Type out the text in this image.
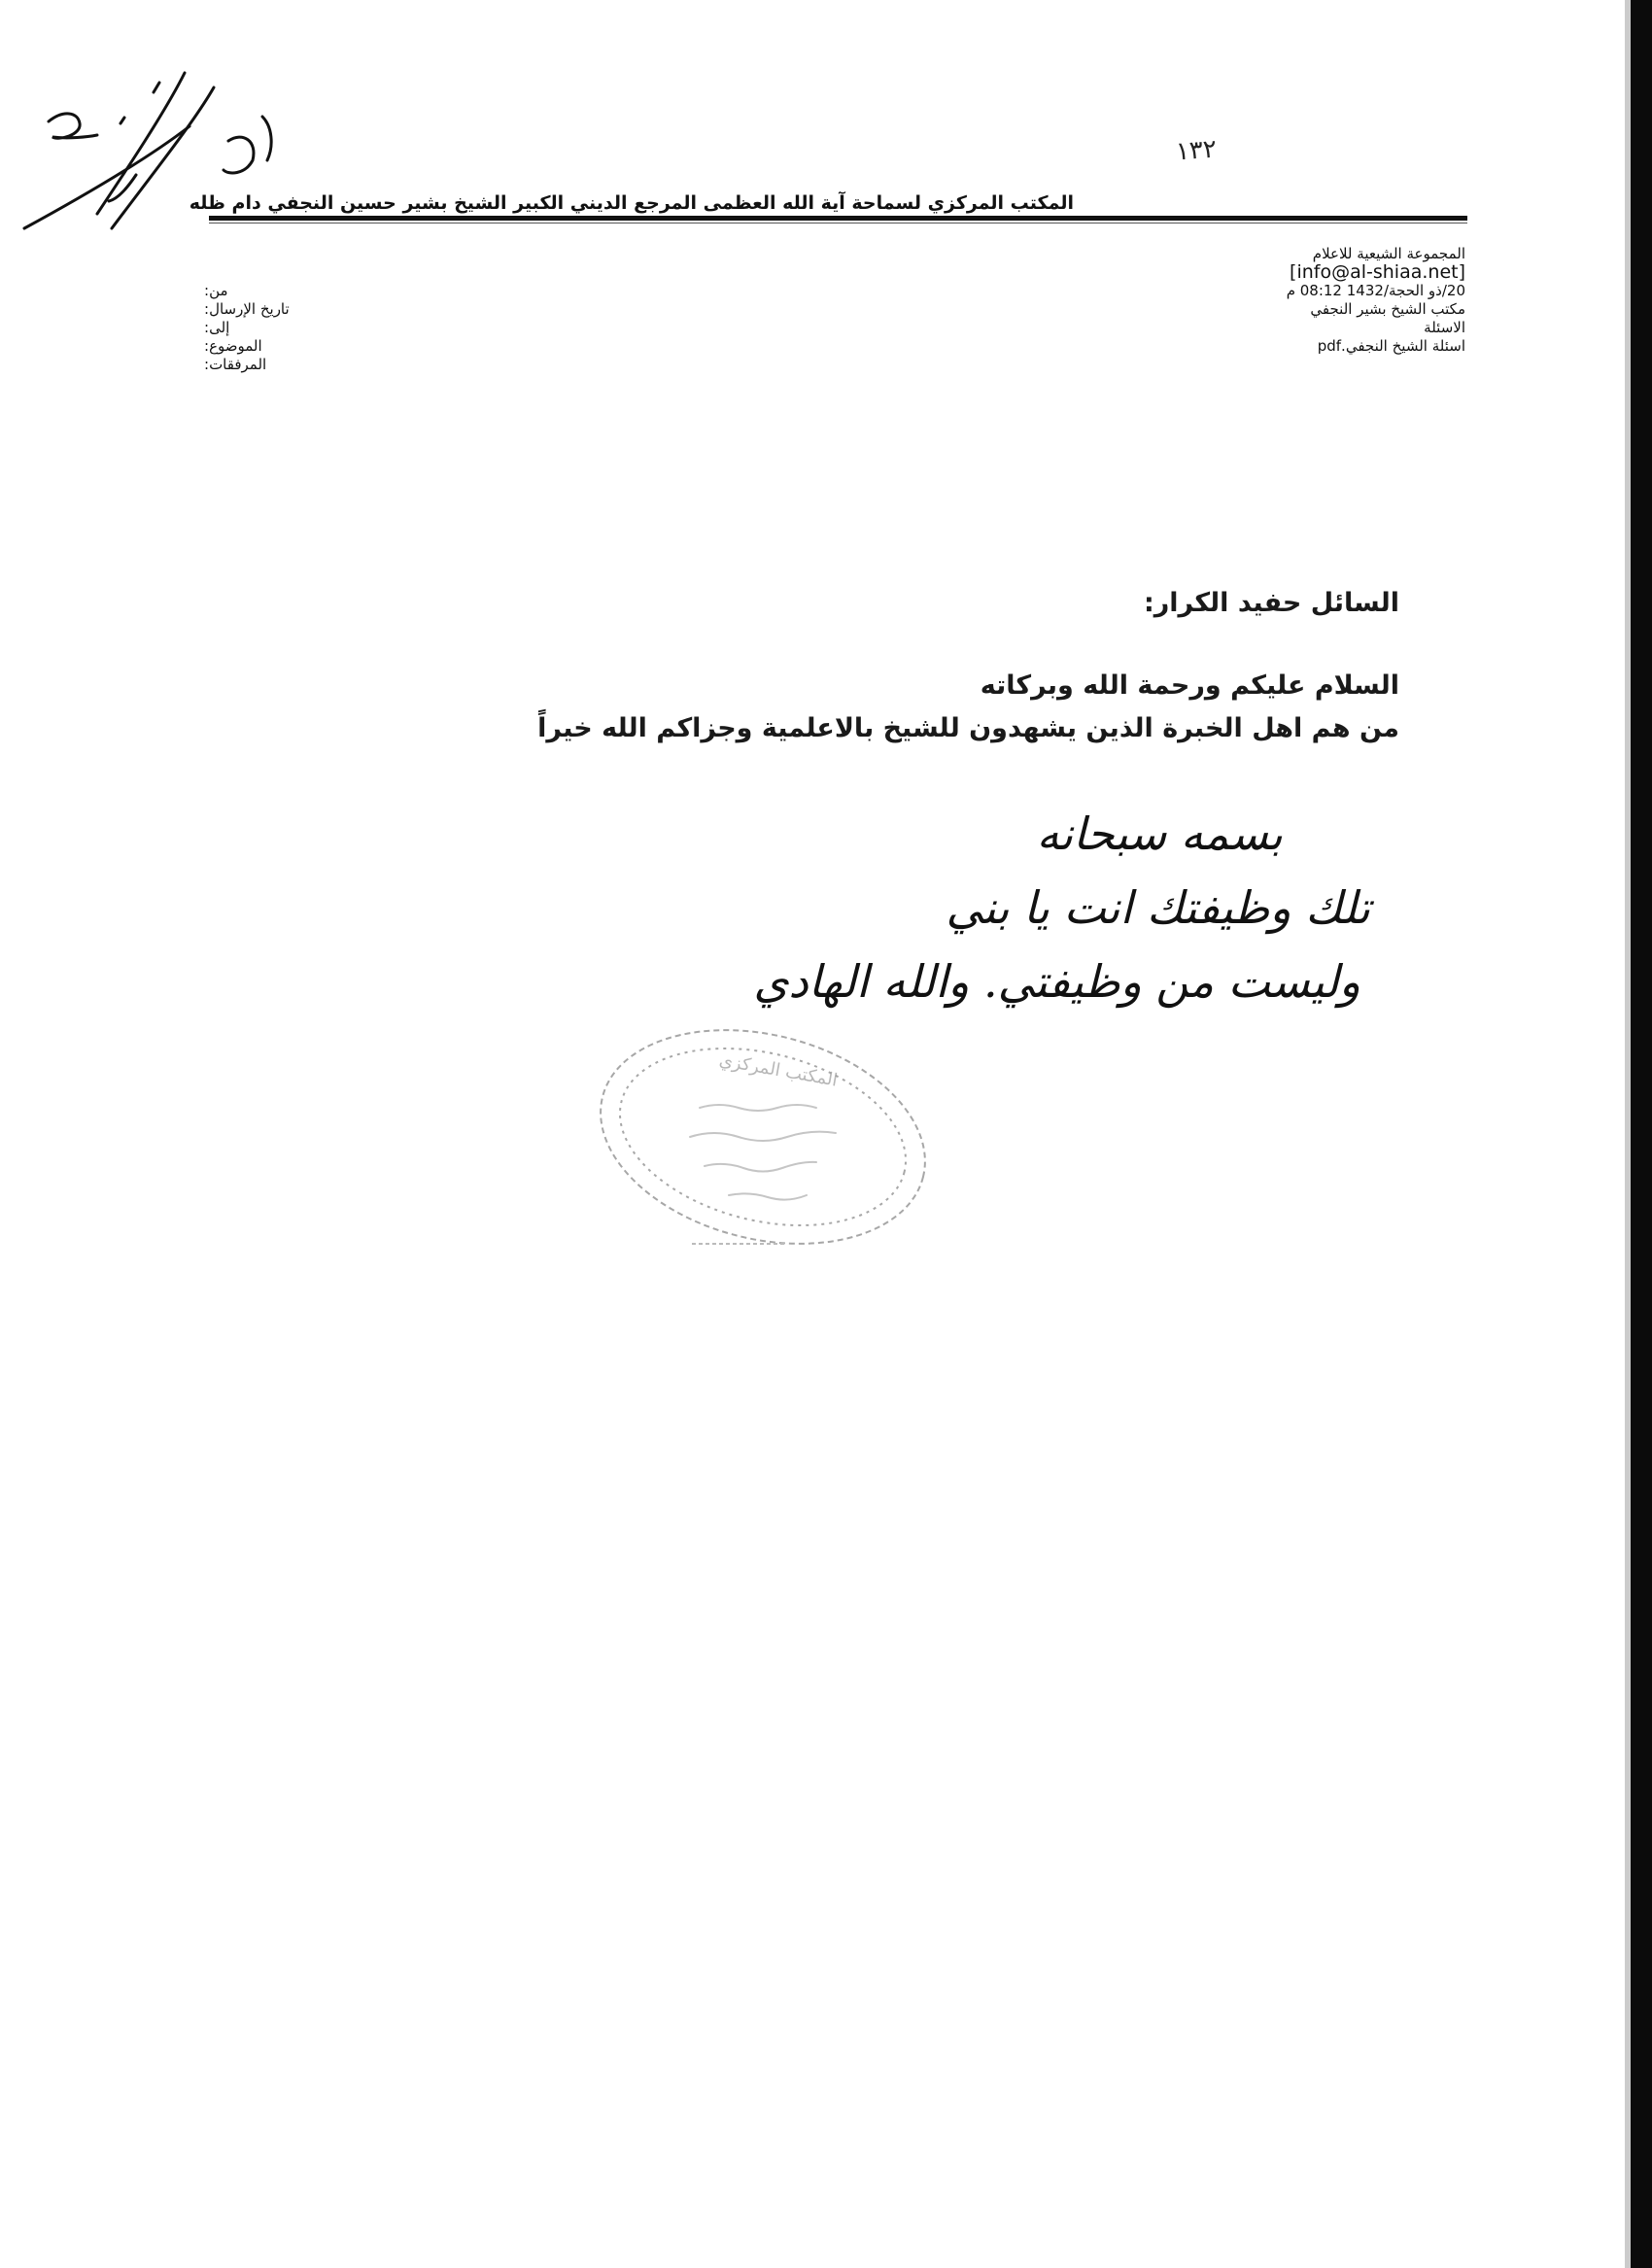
١٣٢
المكتب المركزي لسماحة آية الله العظمى المرجع الديني الكبير الشيخ بشير حسين النجفي دام ظله
:من
:تاريخ الإرسال
:إلى
:الموضوع
:المرفقات
المجموعة الشيعية للاعلام
[info@al-shiaa.net]
20/ذو الحجة/1432 08:12 م
مكتب الشيخ بشير النجفي
الاسئلة
اسئلة الشيخ النجفي.pdf
السائل حفيد الكرار:
السلام عليكم ورحمة الله وبركاته
من هم اهل الخبرة الذين يشهدون للشيخ بالاعلمية وجزاكم الله خيراً
بسمه سبحانه
تلك وظيفتك انت يا بني
وليست من وظيفتي. والله الهادي
المكتب المركزي
